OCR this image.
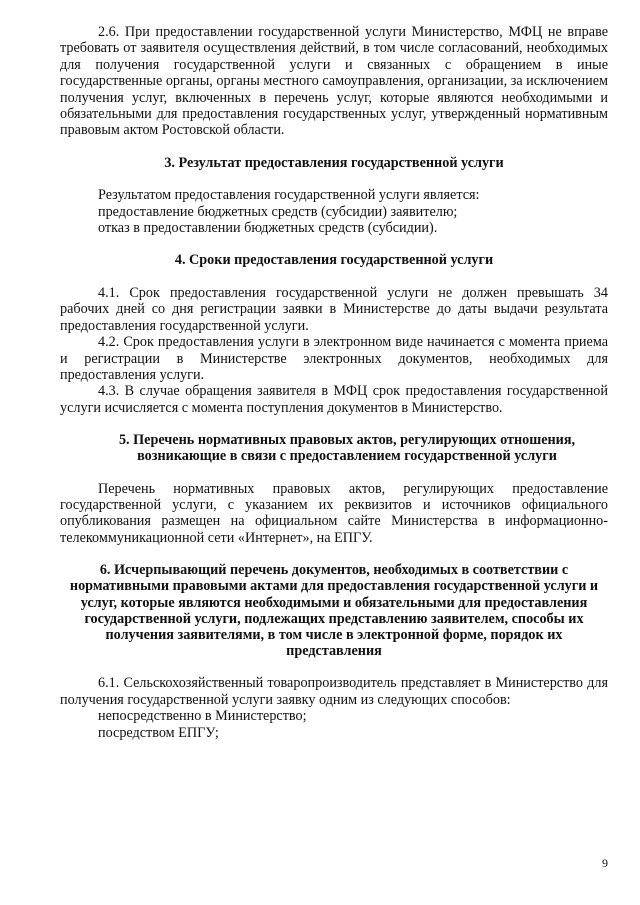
2.6. При предоставлении государственной услуги Министерство, МФЦ не вправе требовать от заявителя осуществления действий, в том числе согласований, необходимых для получения государственной услуги и связанных с обращением в иные государственные органы, органы местного самоуправления, организации, за исключением получения услуг, включенных в перечень услуг, которые являются необходимыми и обязательными для предоставления государственных услуг, утвержденный нормативным правовым актом Ростовской области.

3. Результат предоставления государственной услуги

Результатом предоставления государственной услуги является:

предоставление бюджетных средств (субсидии) заявителю;

отказ в предоставлении бюджетных средств (субсидии).

4. Сроки предоставления государственной услуги

4.1. Срок предоставления государственной услуги не должен превышать 34 рабочих дней со дня регистрации заявки в Министерстве до даты выдачи результата предоставления государственной услуги.

4.2. Срок предоставления услуги в электронном виде начинается с момента приема и регистрации в Министерстве электронных документов, необходимых для предоставления услуги.

4.3. В случае обращения заявителя в МФЦ срок предоставления государственной услуги исчисляется с момента поступления документов в Министерство.

5. Перечень нормативных правовых актов, регулирующих отношения, возникающие в связи с предоставлением государственной услуги

Перечень нормативных правовых актов, регулирующих предоставление государственной услуги, с указанием их реквизитов и источников официального опубликования размещен на официальном сайте Министерства в информационно-телекоммуникационной сети «Интернет», на ЕПГУ.

6. Исчерпывающий перечень документов, необходимых в соответствии с нормативными правовыми актами для предоставления государственной услуги и услуг, которые являются необходимыми и обязательными для предоставления государственной услуги, подлежащих представлению заявителем, способы их получения заявителями, в том числе в электронной форме, порядок их представления

6.1. Сельскохозяйственный товаропроизводитель представляет в Министерство для получения государственной услуги заявку одним из следующих способов:

непосредственно в Министерство;

посредством ЕПГУ;

9
